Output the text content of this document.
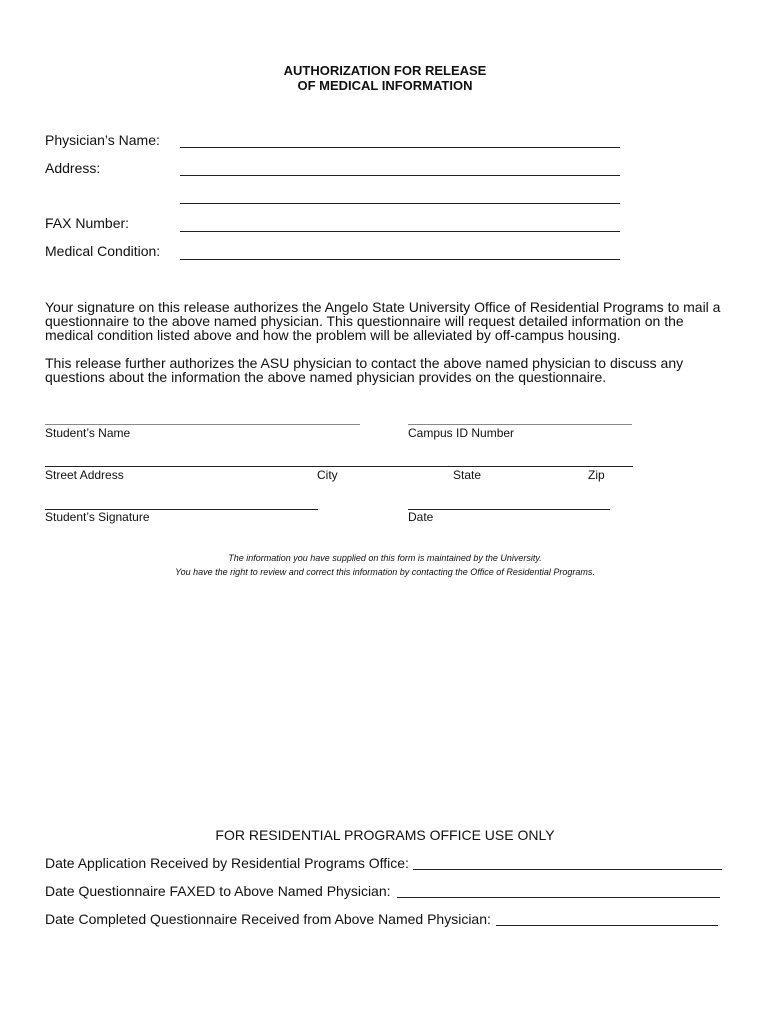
AUTHORIZATION FOR RELEASE
OF MEDICAL INFORMATION
Physician’s Name:
Address:
FAX Number:
Medical Condition:
Your signature on this release authorizes the Angelo State University Office of Residential Programs to mail a questionnaire to the above named physician. This questionnaire will request detailed information on the medical condition listed above and how the problem will be alleviated by off-campus housing.
This release further authorizes the ASU physician to contact the above named physician to discuss any questions about the information the above named physician provides on the questionnaire.
Student’s Name	Campus ID Number
Street Address	City	State	Zip
Student’s Signature	Date
The information you have supplied on this form is maintained by the University.
You have the right to review and correct this information by contacting the Office of Residential Programs.
FOR RESIDENTIAL PROGRAMS OFFICE USE ONLY
Date Application Received by Residential Programs Office:
Date Questionnaire FAXED to Above Named Physician:
Date Completed Questionnaire Received from Above Named Physician:
